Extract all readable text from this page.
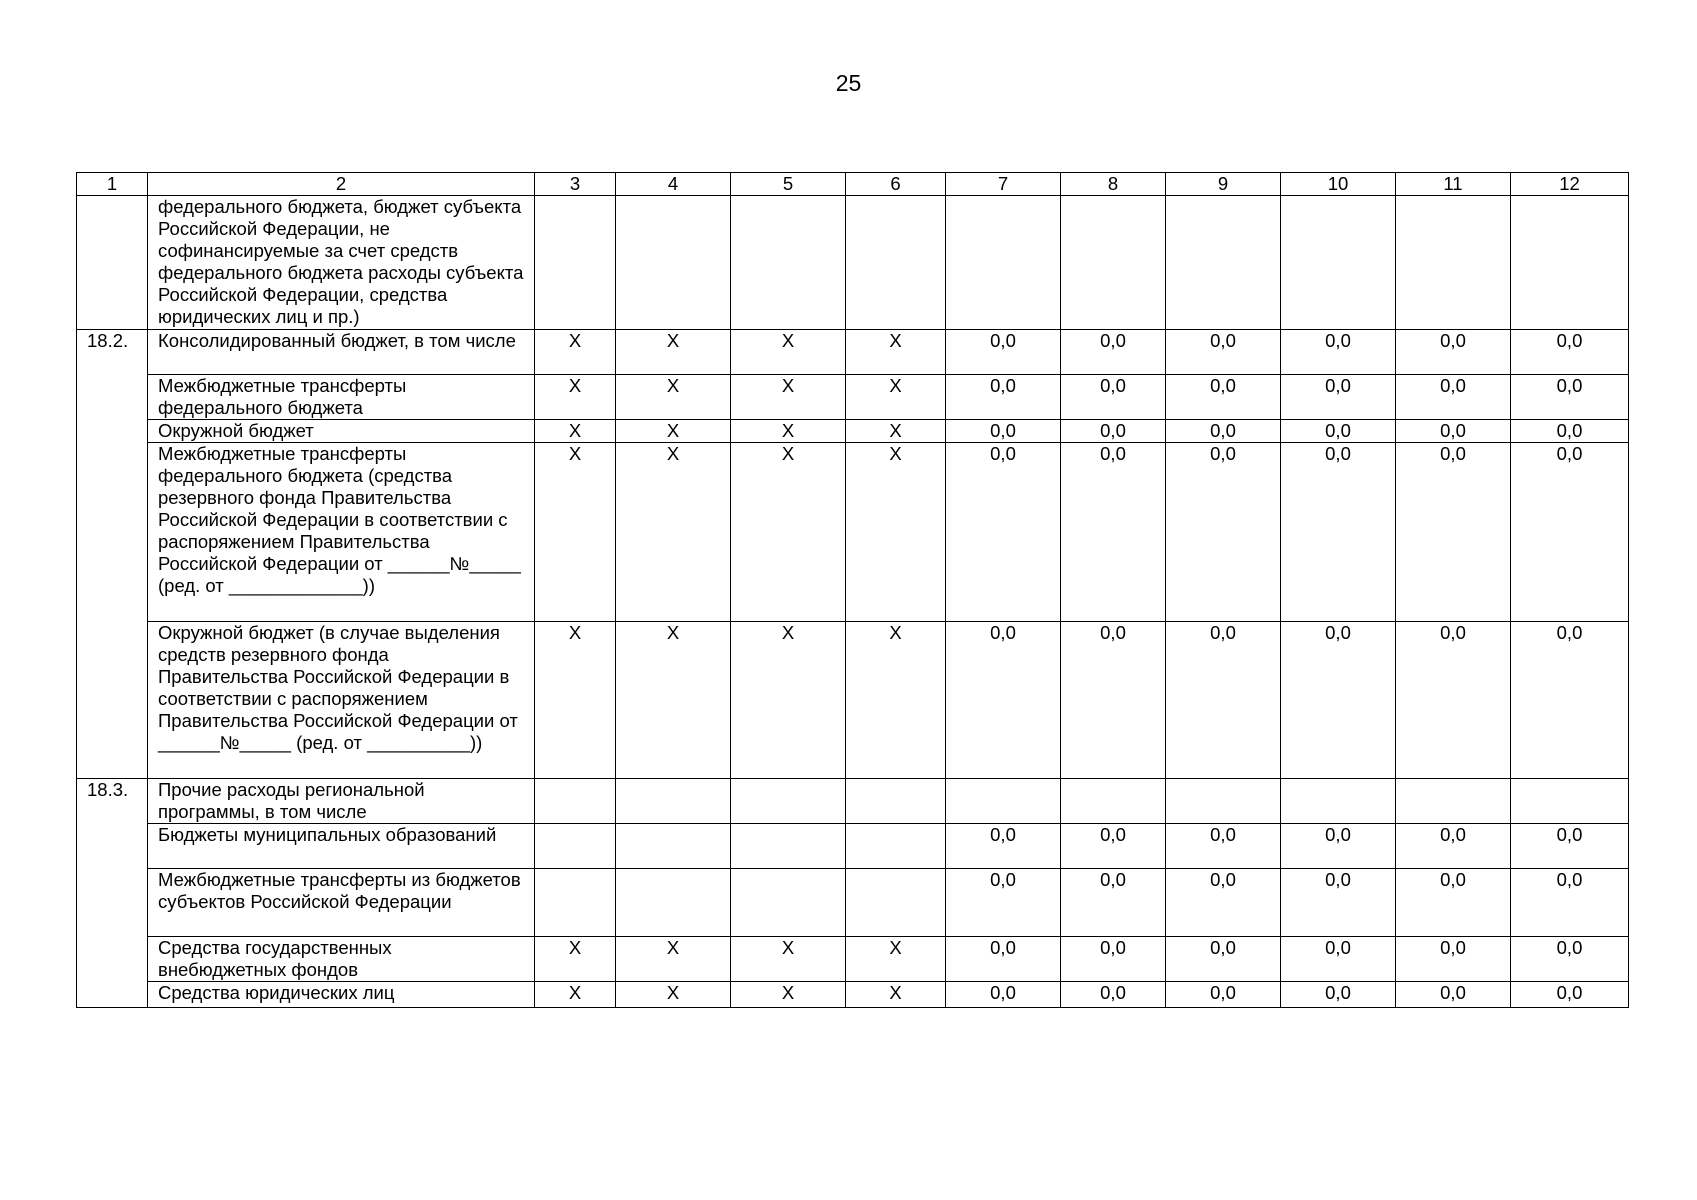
25
1	2	3	4	5	6	7	8	9	10	11	12
	федерального бюджета, бюджет субъекта Российской Федерации, не софинансируемые за счет средств федерального бюджета расходы субъекта Российской Федерации, средства юридических лиц и пр.)										
18.2.	Консолидированный бюджет, в том числе	Х	Х	Х	Х	0,0	0,0	0,0	0,0	0,0	0,0
	Межбюджетные трансферты федерального бюджета	Х	Х	Х	Х	0,0	0,0	0,0	0,0	0,0	0,0
	Окружной бюджет	Х	Х	Х	Х	0,0	0,0	0,0	0,0	0,0	0,0
	Межбюджетные трансферты федерального бюджета (средства резервного фонда Правительства Российской Федерации в соответствии с распоряжением Правительства Российской Федерации от ______№_____ (ред. от _____________))	Х	Х	Х	Х	0,0	0,0	0,0	0,0	0,0	0,0
	Окружной бюджет (в случае выделения средств резервного фонда Правительства Российской Федерации в соответствии с распоряжением Правительства Российской Федерации от ______№_____ (ред. от __________))	Х	Х	Х	Х	0,0	0,0	0,0	0,0	0,0	0,0
18.3.	Прочие расходы региональной программы, в том числе										
	Бюджеты муниципальных образований					0,0	0,0	0,0	0,0	0,0	0,0
	Межбюджетные трансферты из бюджетов субъектов Российской Федерации					0,0	0,0	0,0	0,0	0,0	0,0
	Средства государственных внебюджетных фондов	Х	Х	Х	Х	0,0	0,0	0,0	0,0	0,0	0,0
	Средства юридических лиц	Х	Х	Х	Х	0,0	0,0	0,0	0,0	0,0	0,0
